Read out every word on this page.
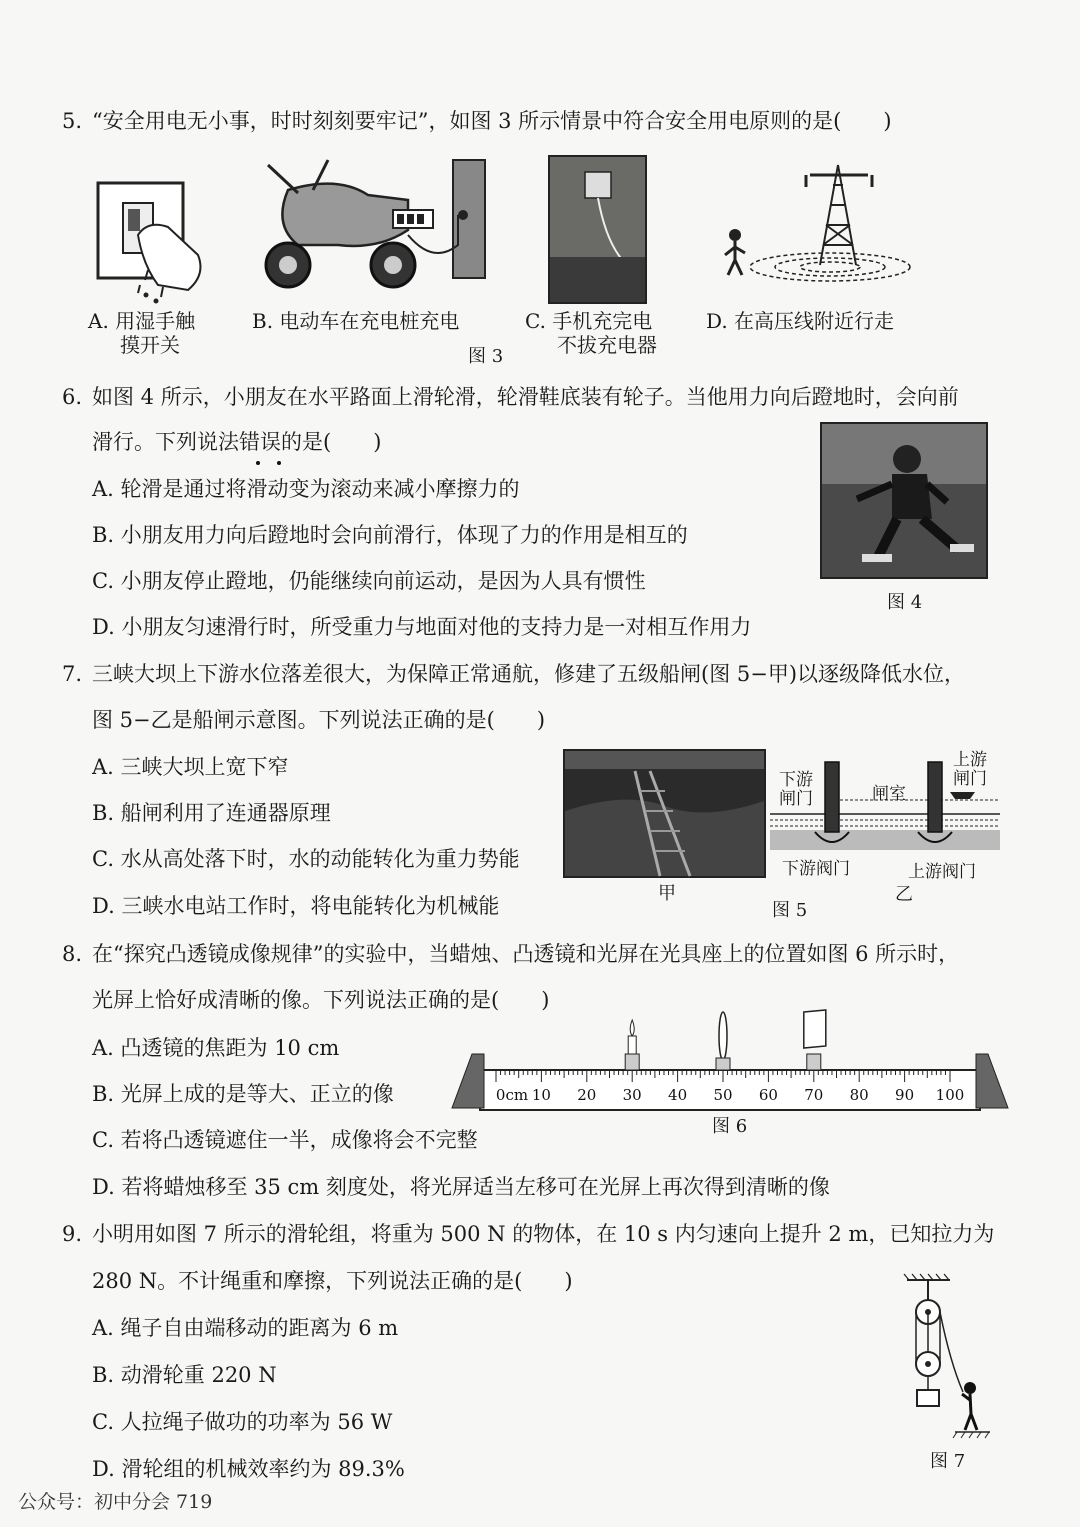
5. “安全用电无小事，时时刻刻要牢记”，如图 3 所示情景中符合安全用电原则的是(　　)
A. 用湿手触
摸开关
B. 电动车在充电桩充电	C. 手机充完电
不拔充电器
D. 在高压线附近行走
图 3
6. 如图 4 所示，小朋友在水平路面上滑轮滑，轮滑鞋底装有轮子。当他用力向后蹬地时，会向前
滑行。下列说法错误的是(　　)
A. 轮滑是通过将滑动变为滚动来减小摩擦力的
B. 小朋友用力向后蹬地时会向前滑行，体现了力的作用是相互的
C. 小朋友停止蹬地，仍能继续向前运动，是因为人具有惯性
D. 小朋友匀速滑行时，所受重力与地面对他的支持力是一对相互作用力
图 4
7. 三峡大坝上下游水位落差很大，为保障正常通航，修建了五级船闸(图 5−甲)以逐级降低水位，
图 5−乙是船闸示意图。下列说法正确的是(　　)
A. 三峡大坝上宽下窄
B. 船闸利用了连通器原理
C. 水从高处落下时，水的动能转化为重力势能
D. 三峡水电站工作时，将电能转化为机械能
甲
下游
闸门	闸室
上游
闸门
下游阀门	上游阀门
图 5
乙
8. 在“探究凸透镜成像规律”的实验中，当蜡烛、凸透镜和光屏在光具座上的位置如图 6 所示时，
光屏上恰好成清晰的像。下列说法正确的是(　　)
A. 凸透镜的焦距为 10 cm
B. 光屏上成的是等大、正立的像
C. 若将凸透镜遮住一半，成像将会不完整
D. 若将蜡烛移至 35 cm 刻度处，将光屏适当左移可在光屏上再次得到清晰的像
0cm 10 20 30 40 50 60 70 80 90 100
图 6
9. 小明用如图 7 所示的滑轮组，将重为 500 N 的物体，在 10 s 内匀速向上提升 2 m，已知拉力为
280 N。不计绳重和摩擦，下列说法正确的是(　　)
A. 绳子自由端移动的距离为 6 m
B. 动滑轮重 220 N
C. 人拉绳子做功的功率为 56 W
D. 滑轮组的机械效率约为 89.3%	图 7
公众号：初中分会 719
